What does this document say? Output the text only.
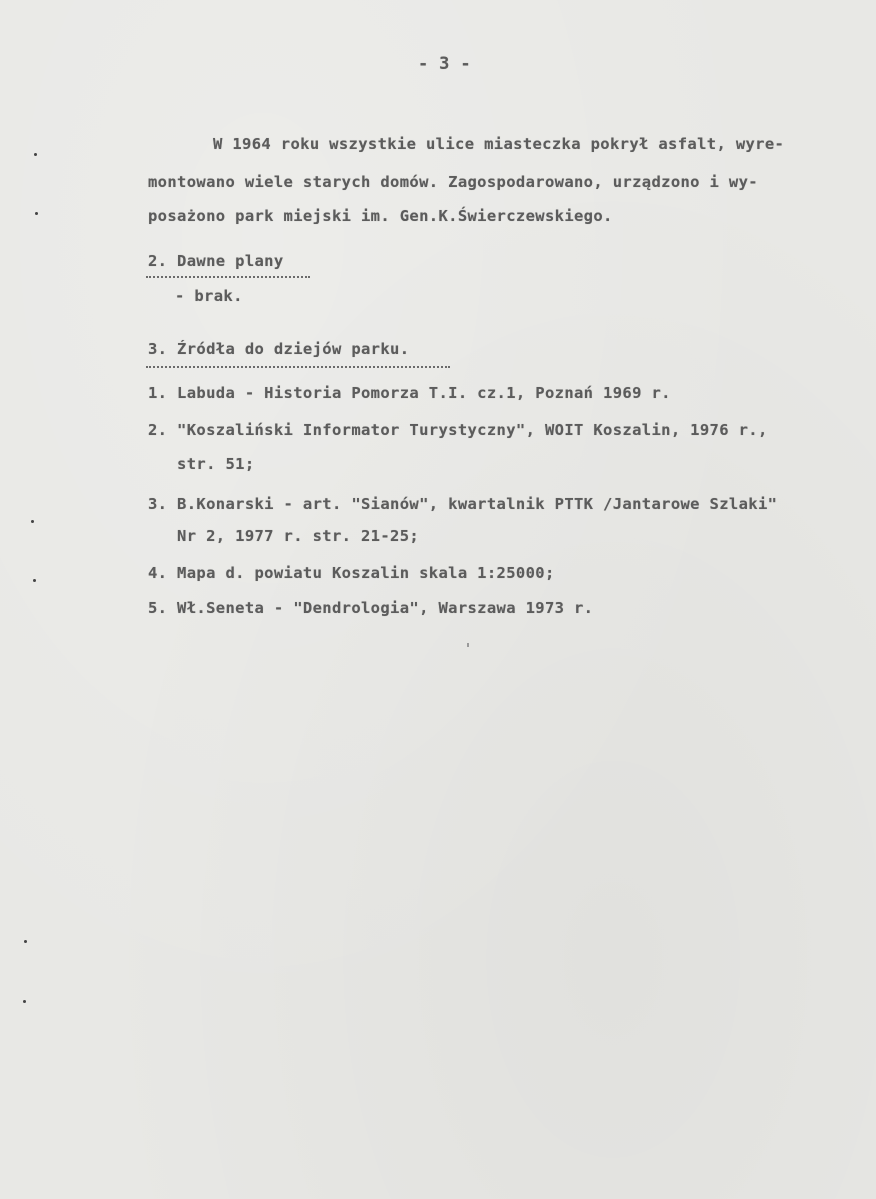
- 3 -
W 1964 roku wszystkie ulice miasteczka pokrył asfalt, wyre-
montowano wiele starych domów. Zagospodarowano, urządzono i wy-
posażono park miejski im. Gen.K.Świerczewskiego.
2. Dawne plany
- brak.
3. Źródła do dziejów parku.
1. Labuda - Historia Pomorza T.I. cz.1, Poznań 1969 r.
2. "Koszaliński Informator Turystyczny", WOIT Koszalin, 1976 r.,
str. 51;
3. B.Konarski - art. "Sianów", kwartalnik PTTK /Jantarowe Szlaki"
Nr 2, 1977 r. str. 21-25;
4. Mapa d. powiatu Koszalin skala 1:25000;
5. Wł.Seneta - "Dendrologia", Warszawa 1973 r.
